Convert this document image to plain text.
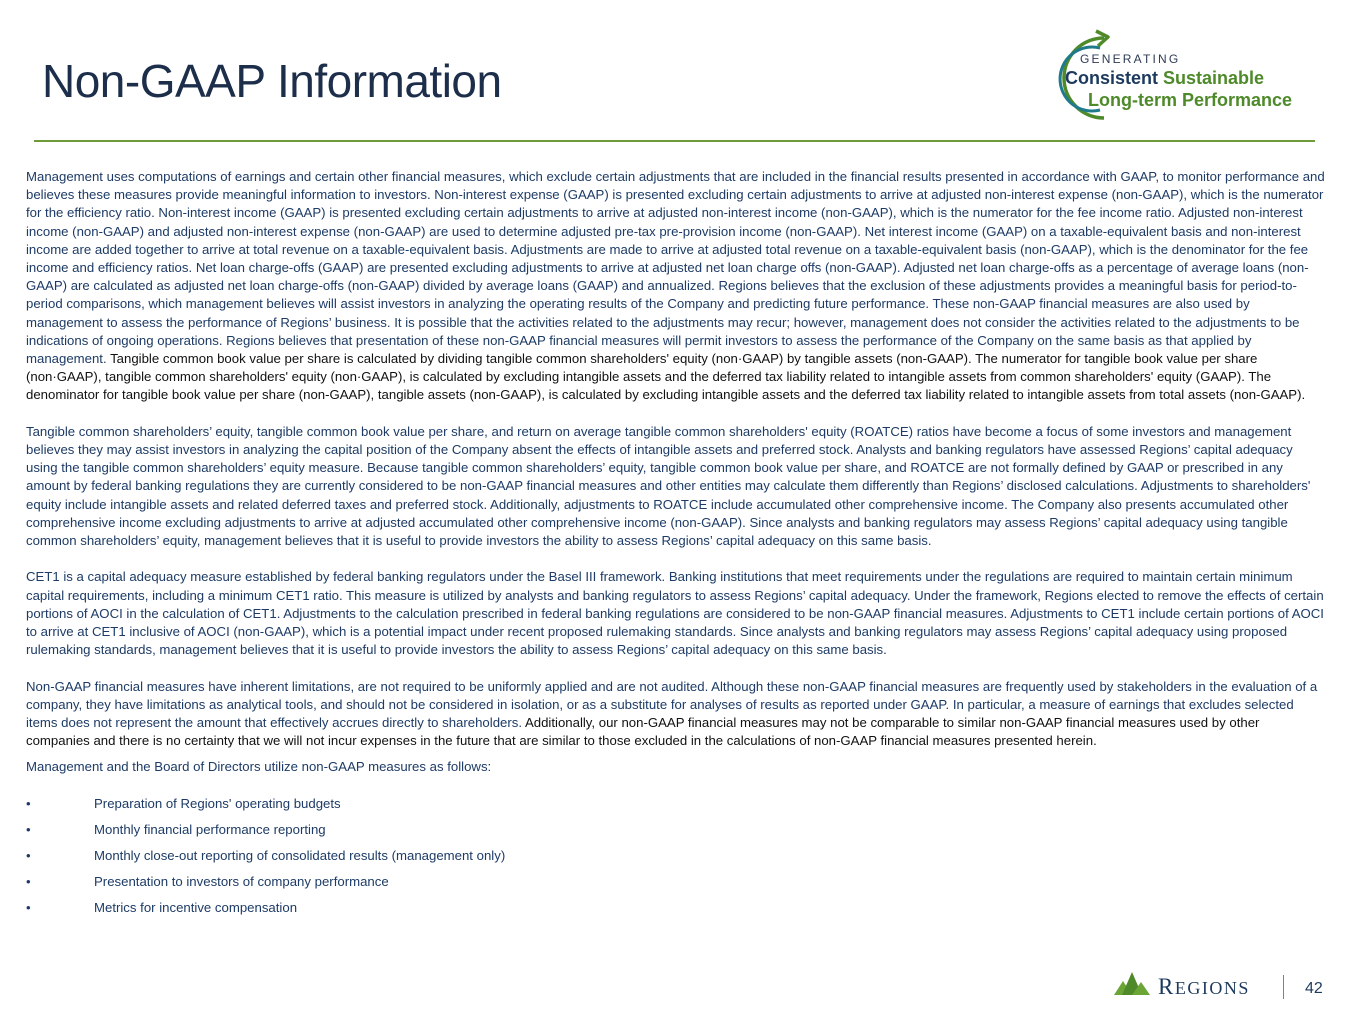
Non-GAAP Information	GENERATING
Consistent Sustainable
Long-term Performance

Management uses computations of earnings and certain other financial measures, which exclude certain adjustments that are included in the financial results presented in accordance with GAAP, to monitor performance and believes these measures provide meaningful information to investors. Non-interest expense (GAAP) is presented excluding certain adjustments to arrive at adjusted non-interest expense (non-GAAP), which is the numerator for the efficiency ratio. Non-interest income (GAAP) is presented excluding certain adjustments to arrive at adjusted non-interest income (non-GAAP), which is the numerator for the fee income ratio. Adjusted non-interest income (non-GAAP) and adjusted non-interest expense (non-GAAP) are used to determine adjusted pre-tax pre-provision income (non-GAAP). Net interest income (GAAP) on a taxable-equivalent basis and non-interest income are added together to arrive at total revenue on a taxable-equivalent basis. Adjustments are made to arrive at adjusted total revenue on a taxable-equivalent basis (non-GAAP), which is the denominator for the fee income and efficiency ratios. Net loan charge-offs (GAAP) are presented excluding adjustments to arrive at adjusted net loan charge offs (non-GAAP). Adjusted net loan charge-offs as a percentage of average loans (non-GAAP) are calculated as adjusted net loan charge-offs (non-GAAP) divided by average loans (GAAP) and annualized. Regions believes that the exclusion of these adjustments provides a meaningful basis for period-to-period comparisons, which management believes will assist investors in analyzing the operating results of the Company and predicting future performance. These non-GAAP financial measures are also used by management to assess the performance of Regions’ business. It is possible that the activities related to the adjustments may recur; however, management does not consider the activities related to the adjustments to be indications of ongoing operations. Regions believes that presentation of these non-GAAP financial measures will permit investors to assess the performance of the Company on the same basis as that applied by management. Tangible common book value per share is calculated by dividing tangible common shareholders' equity (non·GAAP) by tangible assets (non-GAAP). The numerator for tangible book value per share (non·GAAP), tangible common shareholders' equity (non·GAAP), is calculated by excluding intangible assets and the deferred tax liability related to intangible assets from common shareholders' equity (GAAP). The denominator for tangible book value per share (non-GAAP), tangible assets (non-GAAP), is calculated by excluding intangible assets and the deferred tax liability related to intangible assets from total assets (non-GAAP).

Tangible common shareholders’ equity, tangible common book value per share, and return on average tangible common shareholders' equity (ROATCE) ratios have become a focus of some investors and management believes they may assist investors in analyzing the capital position of the Company absent the effects of intangible assets and preferred stock. Analysts and banking regulators have assessed Regions’ capital adequacy using the tangible common shareholders’ equity measure. Because tangible common shareholders’ equity, tangible common book value per share, and ROATCE are not formally defined by GAAP or prescribed in any amount by federal banking regulations they are currently considered to be non-GAAP financial measures and other entities may calculate them differently than Regions’ disclosed calculations. Adjustments to shareholders' equity include intangible assets and related deferred taxes and preferred stock. Additionally, adjustments to ROATCE include accumulated other comprehensive income. The Company also presents accumulated other comprehensive income excluding adjustments to arrive at adjusted accumulated other comprehensive income (non-GAAP). Since analysts and banking regulators may assess Regions’ capital adequacy using tangible common shareholders’ equity, management believes that it is useful to provide investors the ability to assess Regions’ capital adequacy on this same basis.

CET1 is a capital adequacy measure established by federal banking regulators under the Basel III framework. Banking institutions that meet requirements under the regulations are required to maintain certain minimum capital requirements, including a minimum CET1 ratio. This measure is utilized by analysts and banking regulators to assess Regions’ capital adequacy. Under the framework, Regions elected to remove the effects of certain portions of AOCI in the calculation of CET1. Adjustments to the calculation prescribed in federal banking regulations are considered to be non-GAAP financial measures. Adjustments to CET1 include certain portions of AOCI to arrive at CET1 inclusive of AOCI (non-GAAP), which is a potential impact under recent proposed rulemaking standards. Since analysts and banking regulators may assess Regions’ capital adequacy using proposed rulemaking standards, management believes that it is useful to provide investors the ability to assess Regions’ capital adequacy on this same basis.

Non-GAAP financial measures have inherent limitations, are not required to be uniformly applied and are not audited. Although these non-GAAP financial measures are frequently used by stakeholders in the evaluation of a company, they have limitations as analytical tools, and should not be considered in isolation, or as a substitute for analyses of results as reported under GAAP. In particular, a measure of earnings that excludes selected items does not represent the amount that effectively accrues directly to shareholders. Additionally, our non-GAAP financial measures may not be comparable to similar non-GAAP financial measures used by other companies and there is no certainty that we will not incur expenses in the future that are similar to those excluded in the calculations of non-GAAP financial measures presented herein.

Management and the Board of Directors utilize non-GAAP measures as follows:

•	Preparation of Regions' operating budgets
•	Monthly financial performance reporting
•	Monthly close-out reporting of consolidated results (management only)
•	Presentation to investors of company performance
•	Metrics for incentive compensation
REGIONS	42
